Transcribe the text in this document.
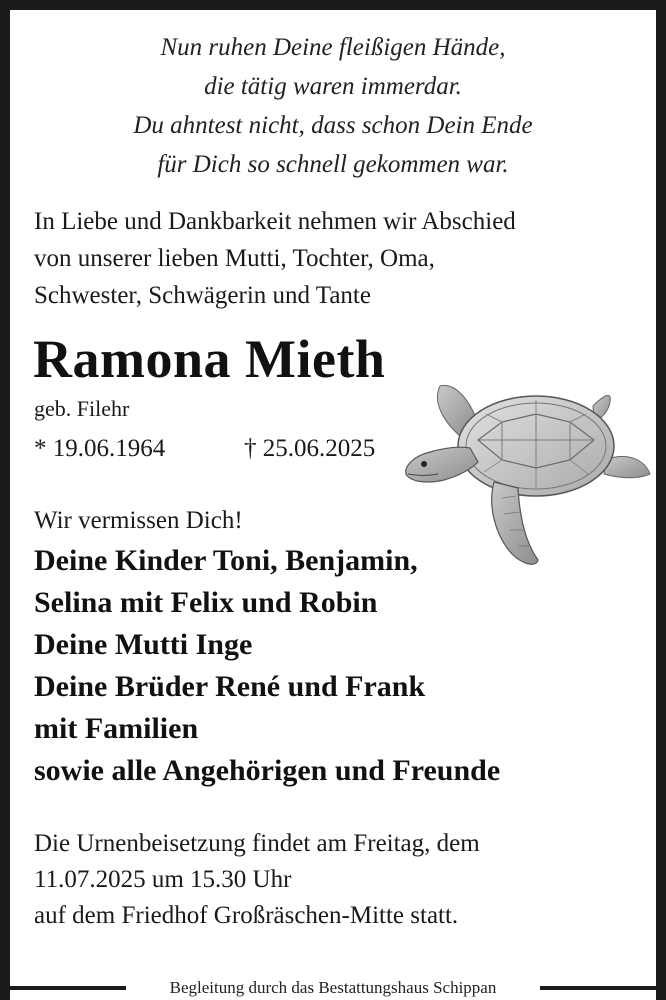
Nun ruhen Deine fleißigen Hände,
die tätig waren immerdar.
Du ahntest nicht, dass schon Dein Ende
für Dich so schnell gekommen war.
In Liebe und Dankbarkeit nehmen wir Abschied
von unserer lieben Mutti, Tochter, Oma,
Schwester, Schwägerin und Tante
Ramona Mieth
geb. Filehr
* 19.06.1964	† 25.06.2025
Wir vermissen Dich!
Deine Kinder Toni, Benjamin,
Selina mit Felix und Robin
Deine Mutti Inge
Deine Brüder René und Frank
mit Familien
sowie alle Angehörigen und Freunde
Die Urnenbeisetzung findet am Freitag, dem
11.07.2025 um 15.30 Uhr
auf dem Friedhof Großräschen-Mitte statt.
Begleitung durch das Bestattungshaus Schippan
